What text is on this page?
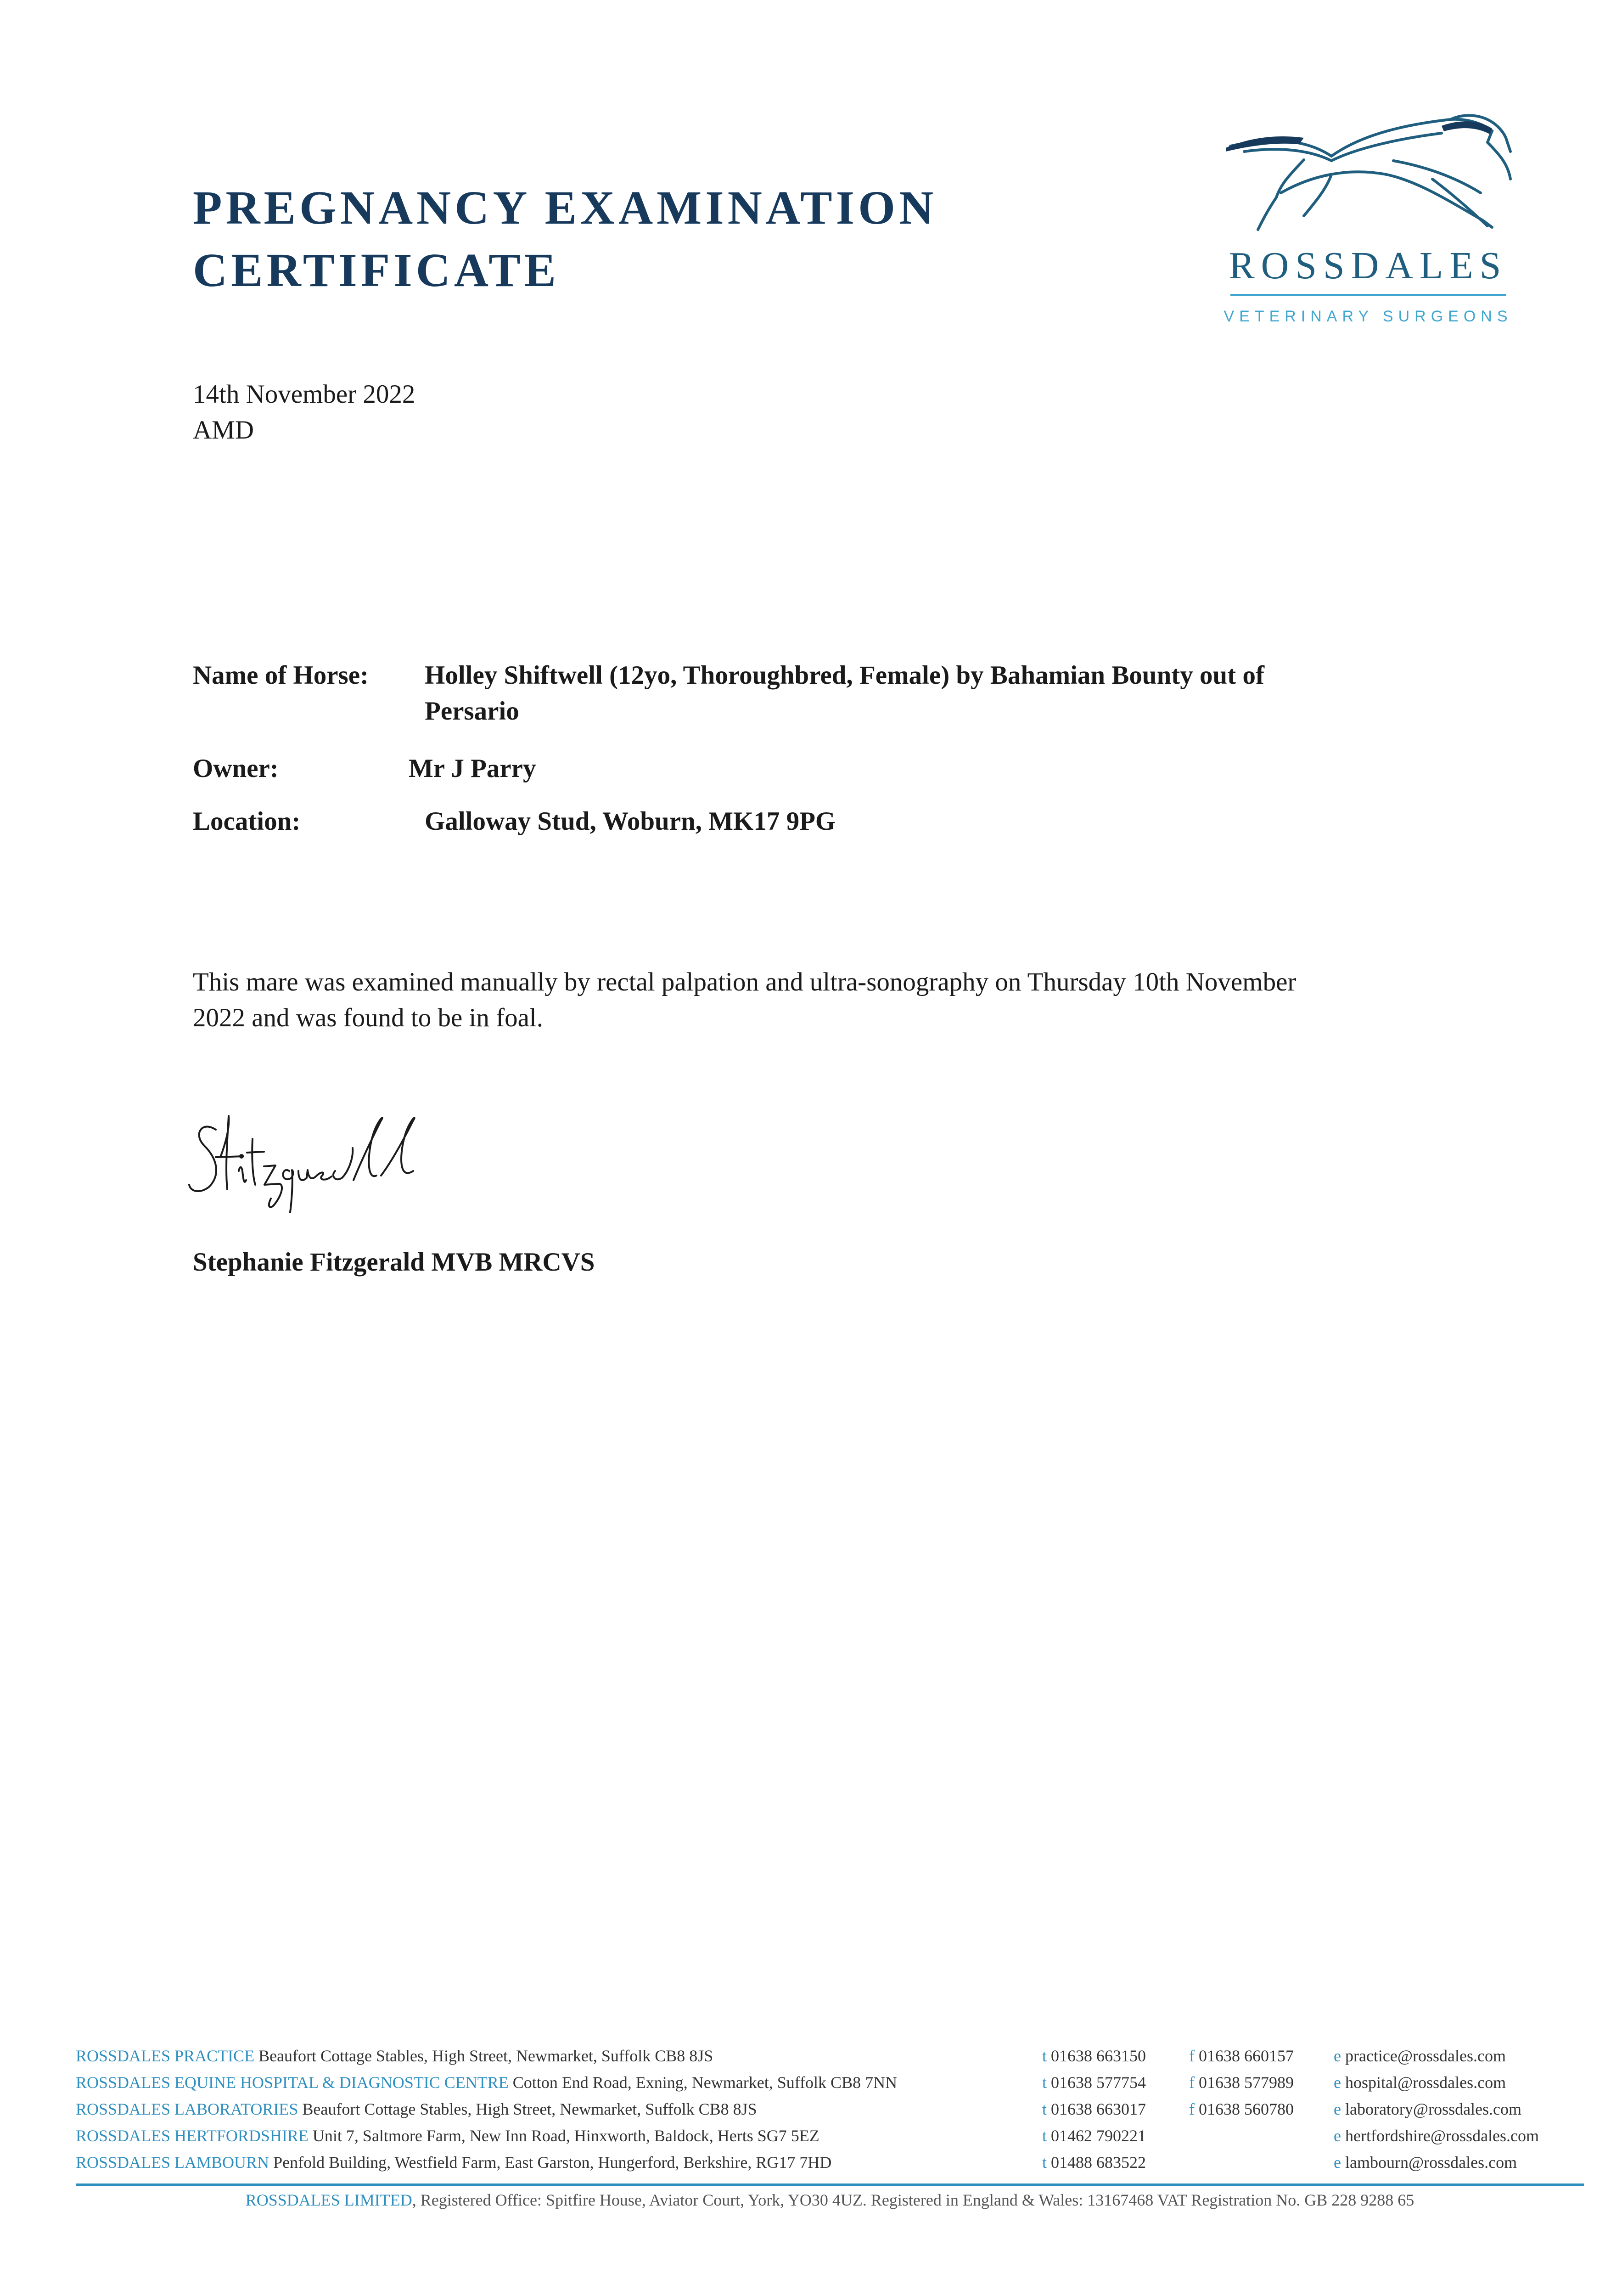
PREGNANCY EXAMINATION
CERTIFICATE	ROSSDALES
VETERINARY SURGEONS
14th November 2022
AMD
Name of Horse: Holley Shiftwell (12yo, Thoroughbred, Female) by Bahamian Bounty out of Persario
Owner:	Mr J Parry
Location:	Galloway Stud, Woburn, MK17 9PG
This mare was examined manually by rectal palpation and ultra-sonography on Thursday 10th November 2022 and was found to be in foal.
Stephanie Fitzgerald MVB MRCVS
ROSSDALES PRACTICE Beaufort Cottage Stables, High Street, Newmarket, Suffolk CB8 8JS	t 01638 663150	f 01638 660157 e practice@rossdales.com
ROSSDALES EQUINE HOSPITAL & DIAGNOSTIC CENTRE Cotton End Road, Exning, Newmarket, Suffolk CB8 7NN	t 01638 577754	f 01638 577989 e hospital@rossdales.com
ROSSDALES LABORATORIES Beaufort Cottage Stables, High Street, Newmarket, Suffolk CB8 8JS	t 01638 663017	f 01638 560780 e laboratory@rossdales.com
ROSSDALES HERTFORDSHIRE Unit 7, Saltmore Farm, New Inn Road, Hinxworth, Baldock, Herts SG7 5EZ	t 01462 790221	e hertfordshire@rossdales.com
ROSSDALES LAMBOURN Penfold Building, Westfield Farm, East Garston, Hungerford, Berkshire, RG17 7HD	t 01488 683522	e lambourn@rossdales.com
ROSSDALES LIMITED, Registered Office: Spitfire House, Aviator Court, York, YO30 4UZ. Registered in England & Wales: 13167468 VAT Registration No. GB 228 9288 65
